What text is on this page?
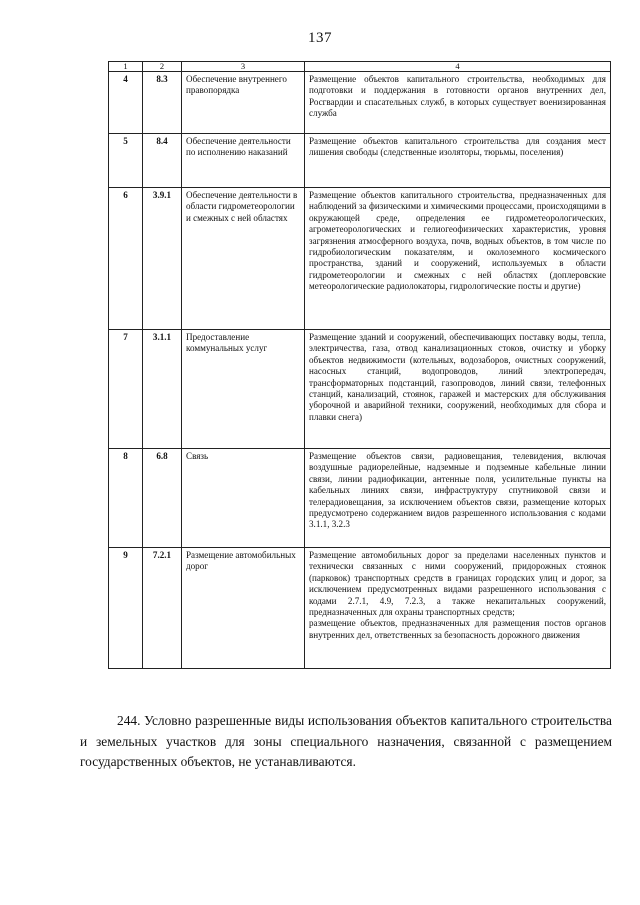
137
1	2	3	4
4	8.3	Обеспечение внутреннего правопорядка	Размещение объектов капитального строительства, необходимых для подготовки и поддержания в готовности органов внутренних дел, Росгвардии и спасательных служб, в которых существует военизированная служба
5	8.4	Обеспечение деятельности по исполнению наказаний	Размещение объектов капитального строительства для создания мест лишения свободы (следственные изоляторы, тюрьмы, поселения)
6	3.9.1	Обеспечение деятельности в области гидрометеорологии и смежных с ней областях	Размещение объектов капитального строительства, предназначенных для наблюдений за физическими и химическими процессами, происходящими в окружающей среде, определения ее гидрометеорологических, агрометеорологических и гелиогеофизических характеристик, уровня загрязнения атмосферного воздуха, почв, водных объектов, в том числе по гидробиологическим показателям, и околоземного космического пространства, зданий и сооружений, используемых в области гидрометеорологии и смежных с ней областях (доплеровские метеорологические радиолокаторы, гидрологические посты и другие)
7	3.1.1	Предоставление коммунальных услуг	Размещение зданий и сооружений, обеспечивающих поставку воды, тепла, электричества, газа, отвод канализационных стоков, очистку и уборку объектов недвижимости (котельных, водозаборов, очистных сооружений, насосных станций, водопроводов, линий электропередач, трансформаторных подстанций, газопроводов, линий связи, телефонных станций, канализаций, стоянок, гаражей и мастерских для обслуживания уборочной и аварийной техники, сооружений, необходимых для сбора и плавки снега)
8	6.8	Связь	Размещение объектов связи, радиовещания, телевидения, включая воздушные радиорелейные, надземные и подземные кабельные линии связи, линии радиофикации, антенные поля, усилительные пункты на кабельных линиях связи, инфраструктуру спутниковой связи и телерадиовещания, за исключением объектов связи, размещение которых предусмотрено содержанием видов разрешенного использования с кодами 3.1.1, 3.2.3
9	7.2.1	Размещение автомобильных дорог	Размещение автомобильных дорог за пределами населенных пунктов и технически связанных с ними сооружений, придорожных стоянок (парковок) транспортных средств в границах городских улиц и дорог, за исключением предусмотренных видами разрешенного использования с кодами 2.7.1, 4.9, 7.2.3, а также некапитальных сооружений, предназначенных для охраны транспортных средств;
размещение объектов, предназначенных для размещения постов органов внутренних дел, ответственных за безопасность дорожного движения

244. Условно разрешенные виды использования объектов капитального строительства и земельных участков для зоны специального назначения, связанной с размещением государственных объектов, не устанавливаются.
